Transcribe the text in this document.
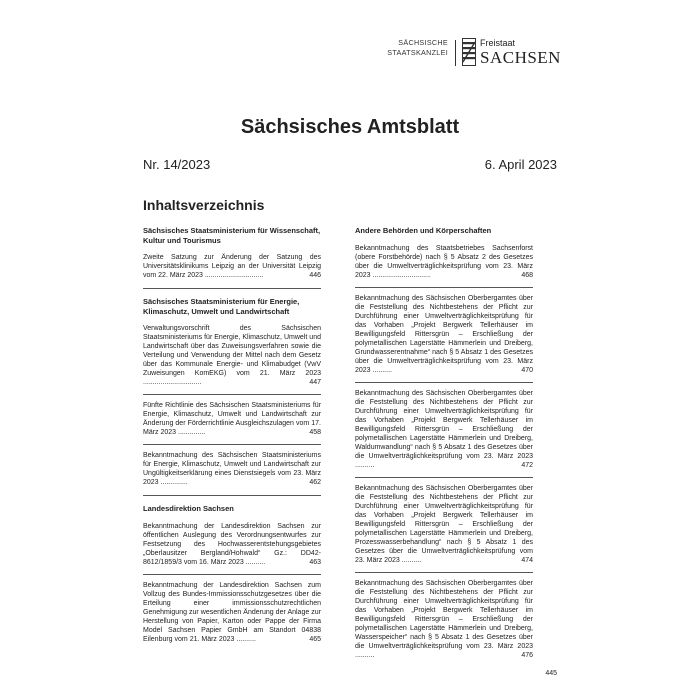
SÄCHSISCHE
STAATSKANZLEI
Freistaat
SACHSEN
Sächsisches Amtsblatt
Nr. 14/2023	6. April 2023
Inhaltsverzeichnis
Sächsisches Staatsministerium für Wissenschaft, Kultur und Tourismus
Zweite Satzung zur Änderung der Satzung des Universitätsklinikums Leipzig an der Universität Leipzig vom 22. März 2023 ..............................	446
Sächsisches Staatsministerium für Energie, Klimaschutz, Umwelt und Landwirtschaft
Verwaltungsvorschrift des Sächsischen Staatsministeriums für Energie, Klimaschutz, Umwelt und Landwirtschaft über das Zuweisungsverfahren sowie die Verteilung und Verwendung der Mittel nach dem Gesetz über das Kommunale Energie- und Klimabudget (VwV Zuweisungen KomEKG) vom 21. März 2023 ..............................	447
Fünfte Richtlinie des Sächsischen Staatsministeriums für Energie, Klimaschutz, Umwelt und Landwirtschaft zur Änderung der Förderrichtlinie Ausgleichszulagen vom 17. März 2023 ..............	458
Bekanntmachung des Sächsischen Staatsministeriums für Energie, Klimaschutz, Umwelt und Landwirtschaft zur Ungültigkeitserklärung eines Dienstsiegels vom 23. März 2023 ..............	462
Landesdirektion Sachsen
Bekanntmachung der Landesdirektion Sachsen zur öffentlichen Auslegung des Verordnungsentwurfes zur Festsetzung des Hochwasserentstehungsgebietes „Oberlausitzer Bergland/Hohwald“ Gz.: DD42-8612/1859/3 vom 16. März 2023 ..........	463
Bekanntmachung der Landesdirektion Sachsen zum Vollzug des Bundes-Immissionsschutzgesetzes über die Erteilung einer immissionsschutzrechtlichen Genehmigung zur wesentlichen Änderung der Anlage zur Herstellung von Papier, Karton oder Pappe der Firma Model Sachsen Papier GmbH am Standort 04838 Eilenburg vom 21. März 2023 ..........	465
Andere Behörden und Körperschaften
Bekanntmachung des Staatsbetriebes Sachsenforst (obere Forstbehörde) nach § 5 Absatz 2 des Gesetzes über die Umweltverträglichkeitsprüfung vom 23. März 2023 ..............................	468
Bekanntmachung des Sächsischen Oberbergamtes über die Feststellung des Nichtbestehens der Pflicht zur Durchführung einer Umweltverträglichkeitsprüfung für das Vorhaben „Projekt Bergwerk Tellerhäuser im Bewilligungsfeld Rittersgrün – Erschließung der polymetallischen Lagerstätte Hämmerlein und Dreiberg, Grundwasserentnahme“ nach § 5 Absatz 1 des Gesetzes über die Umweltverträglichkeitsprüfung vom 23. März 2023 ..........	470
Bekanntmachung des Sächsischen Oberbergamtes über die Feststellung des Nichtbestehens der Pflicht zur Durchführung einer Umweltverträglichkeitsprüfung für das Vorhaben „Projekt Bergwerk Tellerhäuser im Bewilligungsfeld Rittersgrün – Erschließung der polymetallischen Lagerstätte Hämmerlein und Dreiberg, Waldumwandlung“ nach § 5 Absatz 1 des Gesetzes über die Umweltverträglichkeitsprüfung vom 23. März 2023 ..........	472
Bekanntmachung des Sächsischen Oberbergamtes über die Feststellung des Nichtbestehens der Pflicht zur Durchführung einer Umweltverträglichkeitsprüfung für das Vorhaben „Projekt Bergwerk Tellerhäuser im Bewilligungsfeld Rittersgrün – Erschließung der polymetallischen Lagerstätte Hämmerlein und Dreiberg, Prozesswasserbehandlung“ nach § 5 Absatz 1 des Gesetzes über die Umweltverträglichkeitsprüfung vom 23. März 2023 ..........	474
Bekanntmachung des Sächsischen Oberbergamtes über die Feststellung des Nichtbestehens der Pflicht zur Durchführung einer Umweltverträglichkeitsprüfung für das Vorhaben „Projekt Bergwerk Tellerhäuser im Bewilligungsfeld Rittersgrün – Erschließung der polymetallischen Lagerstätte Hämmerlein und Dreiberg, Wasserspeicher“ nach § 5 Absatz 1 des Gesetzes über die Umweltverträglichkeitsprüfung vom 23. März 2023 ..........	476
445
